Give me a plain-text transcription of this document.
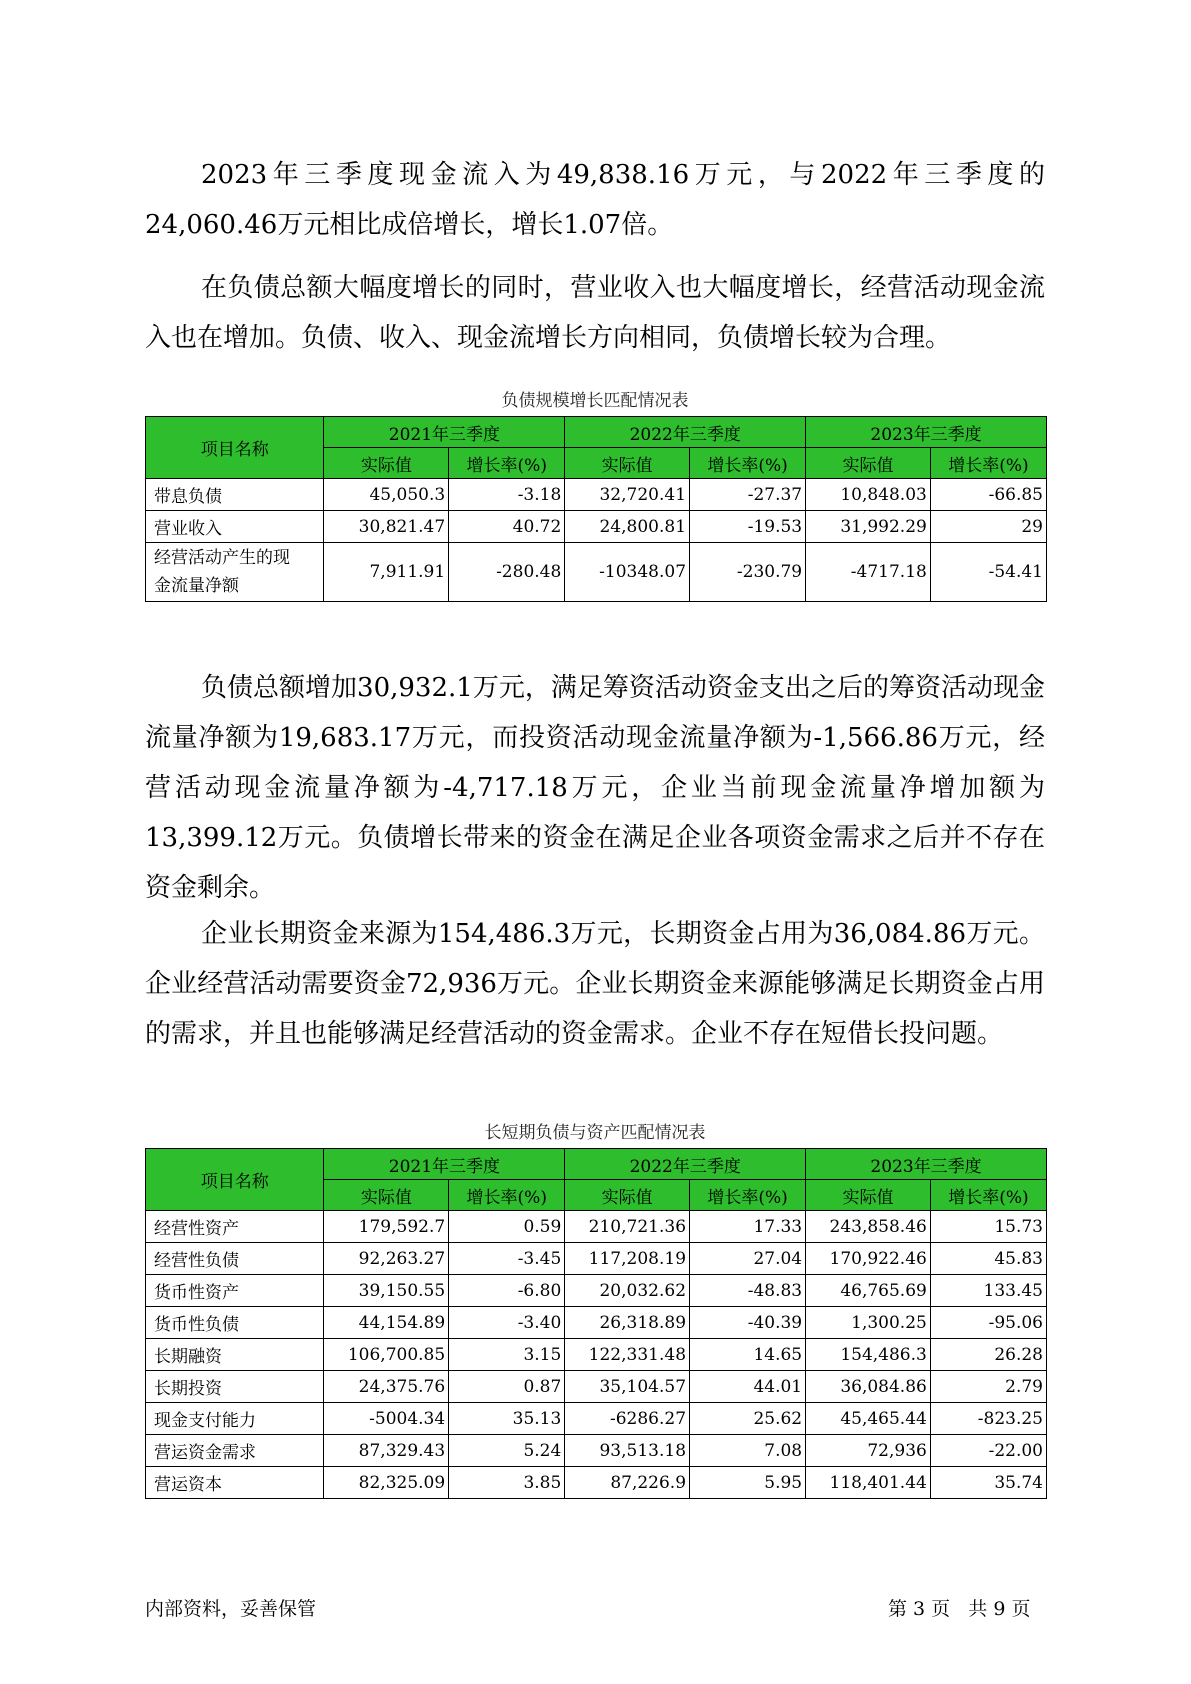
2023年三季度现金流入为49,838.16万元，与2022年三季度的24,060.46万元相比成倍增长，增长1.07倍。

在负债总额大幅度增长的同时，营业收入也大幅度增长，经营活动现金流入也在增加。负债、收入、现金流增长方向相同，负债增长较为合理。

负债规模增长匹配情况表
项目名称	2021年三季度		2022年三季度		2023年三季度	
	实际值	增长率(%)	实际值	增长率(%)	实际值	增长率(%)
带息负债	45,050.3	-3.18	32,720.41	-27.37	10,848.03	-66.85
营业收入	30,821.47	40.72	24,800.81	-19.53	31,992.29	29
经营活动产生的现
金流量净额	7,911.91	-280.48	-10348.07	-230.79	-4717.18	-54.41

负债总额增加30,932.1万元，满足筹资活动资金支出之后的筹资活动现金流量净额为19,683.17万元，而投资活动现金流量净额为-1,566.86万元，经营活动现金流量净额为-4,717.18万元，企业当前现金流量净增加额为13,399.12万元。负债增长带来的资金在满足企业各项资金需求之后并不存在资金剩余。

企业长期资金来源为154,486.3万元，长期资金占用为36,084.86万元。企业经营活动需要资金72,936万元。企业长期资金来源能够满足长期资金占用的需求，并且也能够满足经营活动的资金需求。企业不存在短借长投问题。

长短期负债与资产匹配情况表
项目名称	2021年三季度		2022年三季度		2023年三季度	
	实际值	增长率(%)	实际值	增长率(%)	实际值	增长率(%)
经营性资产	179,592.7	0.59	210,721.36	17.33	243,858.46	15.73
经营性负债	92,263.27	-3.45	117,208.19	27.04	170,922.46	45.83
货币性资产	39,150.55	-6.80	20,032.62	-48.83	46,765.69	133.45
货币性负债	44,154.89	-3.40	26,318.89	-40.39	1,300.25	-95.06
长期融资	106,700.85	3.15	122,331.48	14.65	154,486.3	26.28
长期投资	24,375.76	0.87	35,104.57	44.01	36,084.86	2.79
现金支付能力	-5004.34	35.13	-6286.27	25.62	45,465.44	-823.25
营运资金需求	87,329.43	5.24	93,513.18	7.08	72,936	-22.00
营运资本	82,325.09	3.85	87,226.9	5.95	118,401.44	35.74
内部资料，妥善保管	第 3 页   共 9 页
